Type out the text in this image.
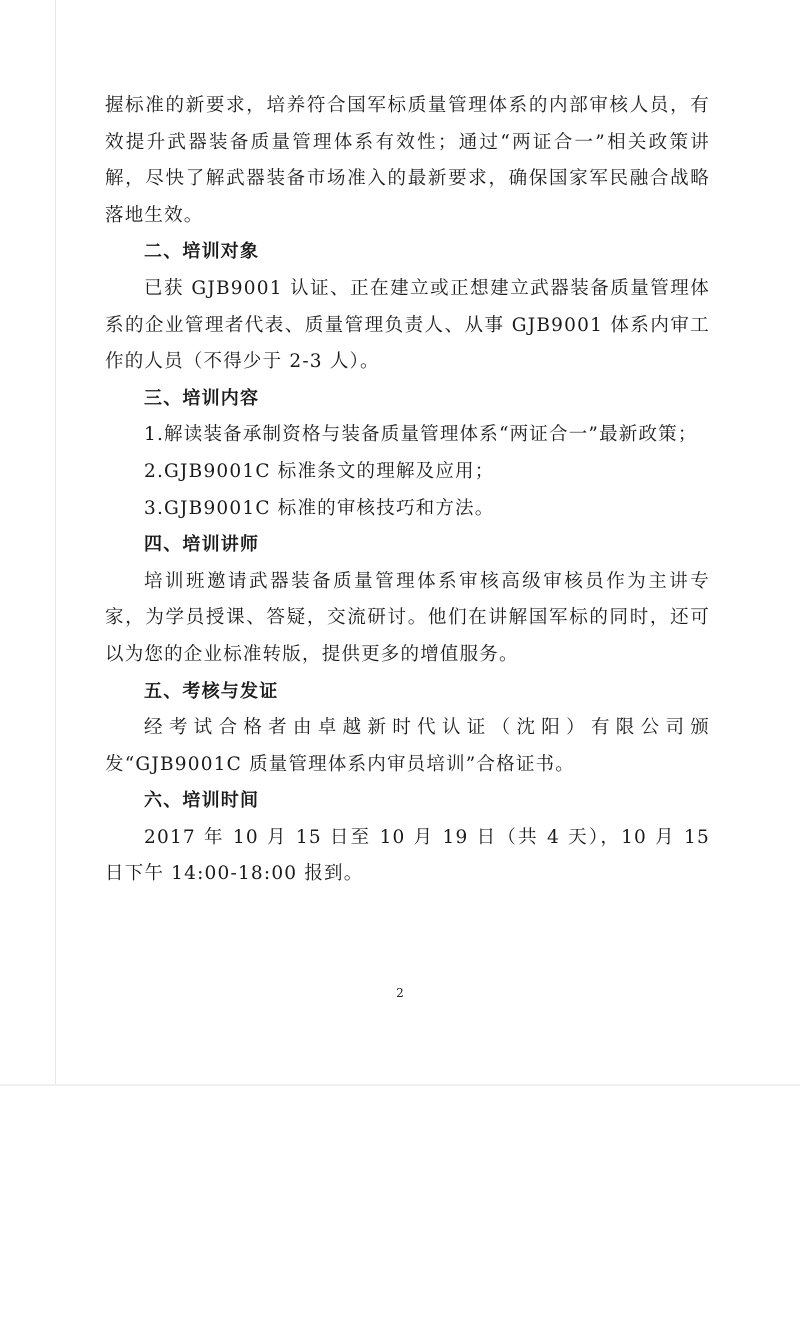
握标准的新要求，培养符合国军标质量管理体系的内部审核人员，有效提升武器装备质量管理体系有效性；通过“两证合一”相关政策讲解，尽快了解武器装备市场准入的最新要求，确保国家军民融合战略落地生效。

二、培训对象

已获 GJB9001 认证、正在建立或正想建立武器装备质量管理体系的企业管理者代表、质量管理负责人、从事 GJB9001 体系内审工作的人员（不得少于 2-3 人）。

三、培训内容

1.解读装备承制资格与装备质量管理体系“两证合一”最新政策；

2.GJB9001C 标准条文的理解及应用；

3.GJB9001C 标准的审核技巧和方法。

四、培训讲师

培训班邀请武器装备质量管理体系审核高级审核员作为主讲专家，为学员授课、答疑，交流研讨。他们在讲解国军标的同时，还可以为您的企业标准转版，提供更多的增值服务。

五、考核与发证

经考试合格者由卓越新时代认证（沈阳）有限公司颁发“GJB9001C 质量管理体系内审员培训”合格证书。

六、培训时间

2017 年 10 月 15 日至 10 月 19 日（共 4 天），10 月 15 日下午 14:00-18:00 报到。

2
